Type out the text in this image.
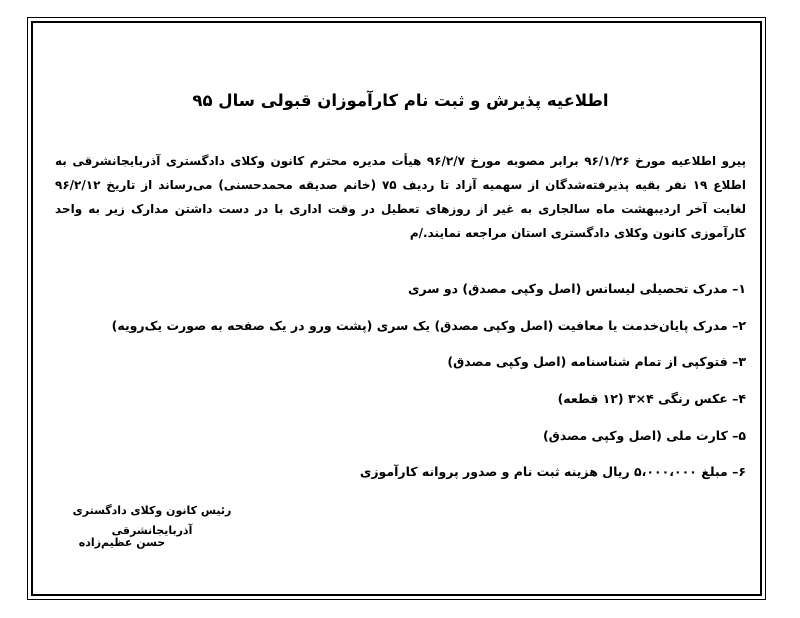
اطلاعیه پذیرش و ثبت نام کارآموزان قبولی سال ۹۵
پیرو اطلاعیه مورخ ۹۶/۱/۲۶ برابر مصوبه مورخ ۹۶/۲/۷ هیأت مدیره محترم کانون وکلای دادگستری آذربایجانشرقی به اطلاع ۱۹ نفر بقیه پذیرفته‌شدگان از سهمیه آزاد تا ردیف ۷۵ (خانم صدیقه محمدحسنی) می‌رساند از تاریخ ۹۶/۲/۱۲ لغایت آخر اردیبهشت ماه سالجاری به غیر از روزهای تعطیل در وقت اداری با در دست داشتن مدارک زیر به واحد کارآموزی کانون وکلای دادگستری استان مراجعه نمایند./م
۱– مدرک تحصیلی لیسانس (اصل وکپی مصدق) دو سری
۲– مدرک پایان‌خدمت یا معافیت (اصل وکپی مصدق) یک سری (پشت ورو در یک صفحه به صورت یک‌رویه)
۳– فتوکپی از تمام شناسنامه (اصل وکپی مصدق)
۴– عکس رنگی ۴×۳ (۱۲ قطعه)
۵– کارت ملی (اصل وکپی مصدق)
۶– مبلغ ۵،۰۰۰،۰۰۰ ریال هزینه ثبت نام و صدور پروانه کارآموزی
رئیس کانون وکلای دادگستری آذربایجانشرقی
حسن عظیم‌زاده
